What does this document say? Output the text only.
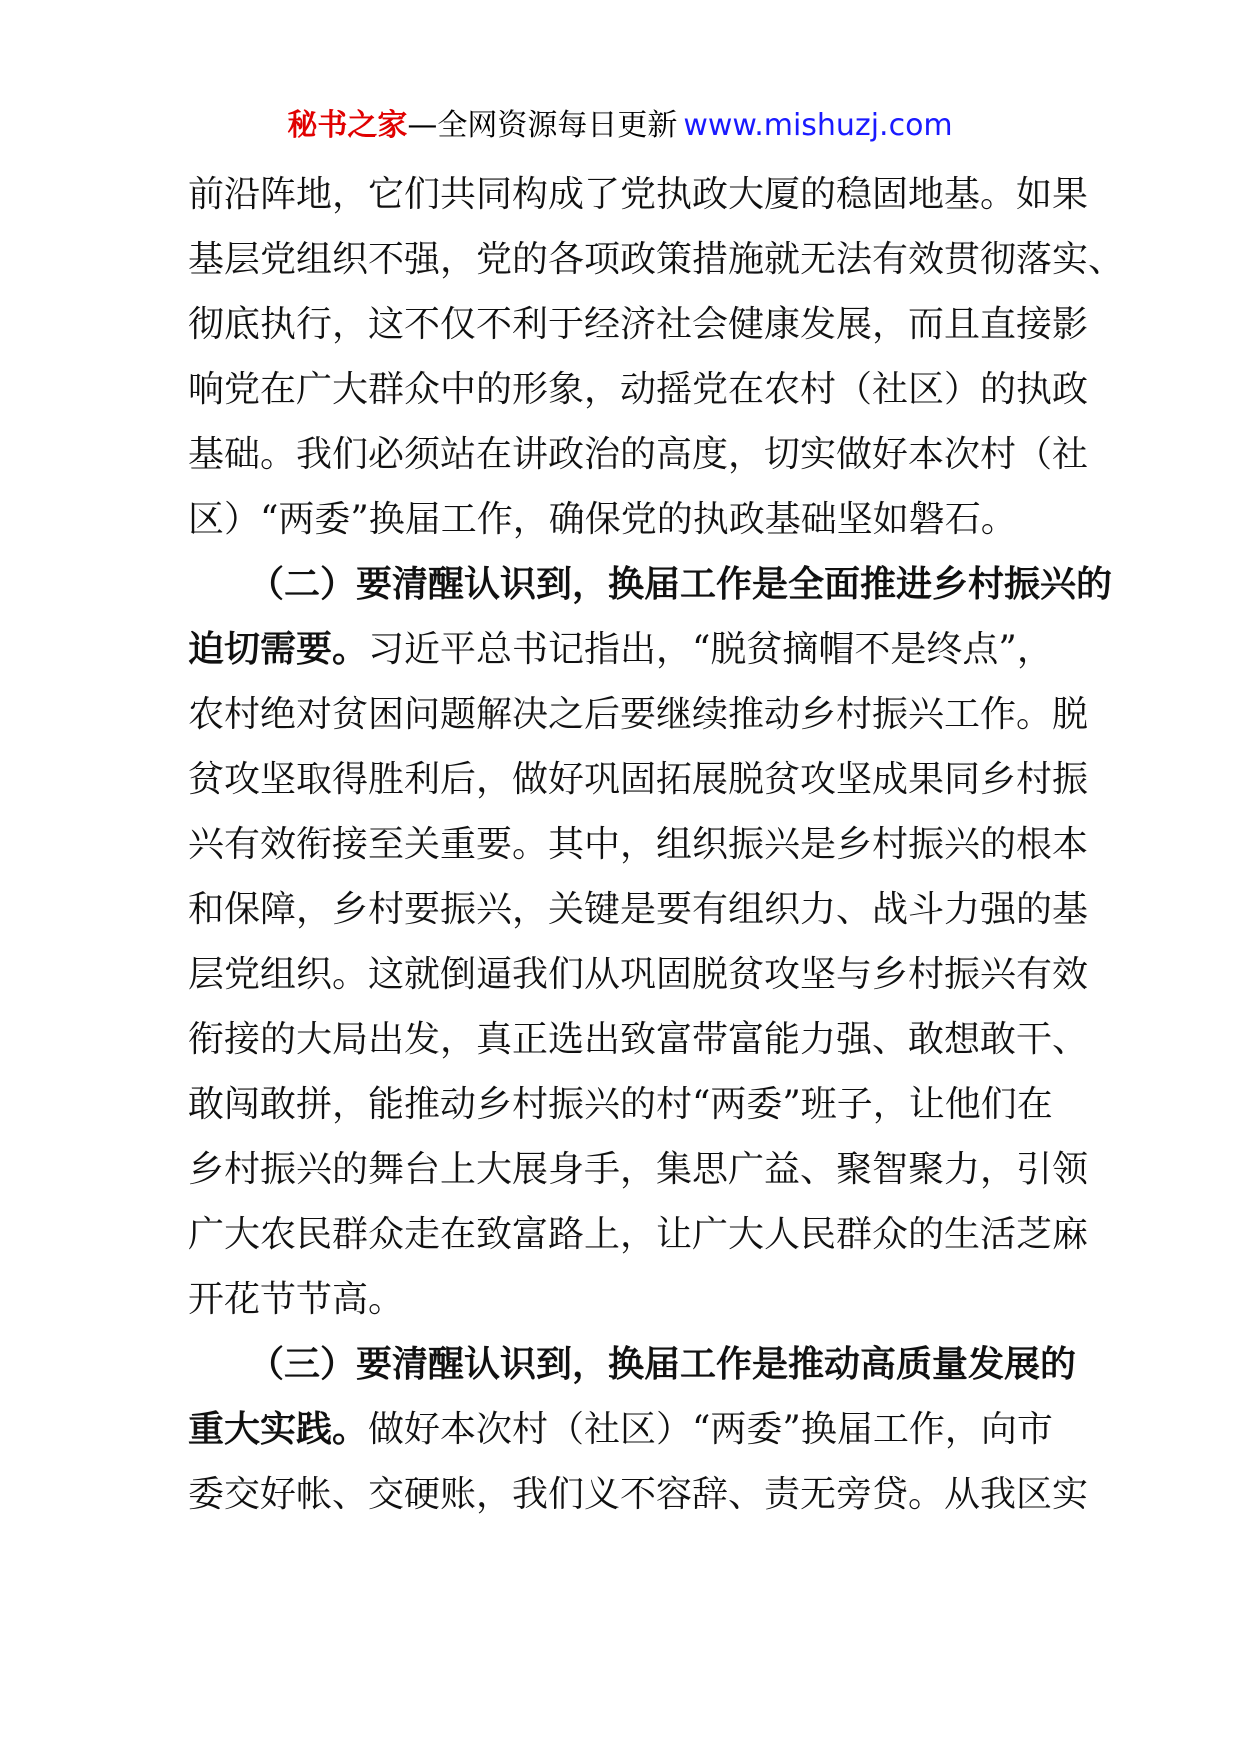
秘书之家—全网资源每日更新 www.mishuzj.com

前沿阵地，它们共同构成了党执政大厦的稳固地基。如果
基层党组织不强，党的各项政策措施就无法有效贯彻落实、
彻底执行，这不仅不利于经济社会健康发展，而且直接影
响党在广大群众中的形象，动摇党在农村（社区）的执政
基础。我们必须站在讲政治的高度，切实做好本次村（社
区）“两委”换届工作，确保党的执政基础坚如磐石。

（二）要清醒认识到，换届工作是全面推进乡村振兴的
迫切需要。习近平总书记指出，“脱贫摘帽不是终点”，
农村绝对贫困问题解决之后要继续推动乡村振兴工作。脱
贫攻坚取得胜利后，做好巩固拓展脱贫攻坚成果同乡村振
兴有效衔接至关重要。其中，组织振兴是乡村振兴的根本
和保障，乡村要振兴，关键是要有组织力、战斗力强的基
层党组织。这就倒逼我们从巩固脱贫攻坚与乡村振兴有效
衔接的大局出发，真正选出致富带富能力强、敢想敢干、
敢闯敢拼，能推动乡村振兴的村“两委”班子，让他们在
乡村振兴的舞台上大展身手，集思广益、聚智聚力，引领
广大农民群众走在致富路上，让广大人民群众的生活芝麻
开花节节高。

（三）要清醒认识到，换届工作是推动高质量发展的
重大实践。做好本次村（社区）“两委”换届工作，向市
委交好帐、交硬账，我们义不容辞、责无旁贷。从我区实
